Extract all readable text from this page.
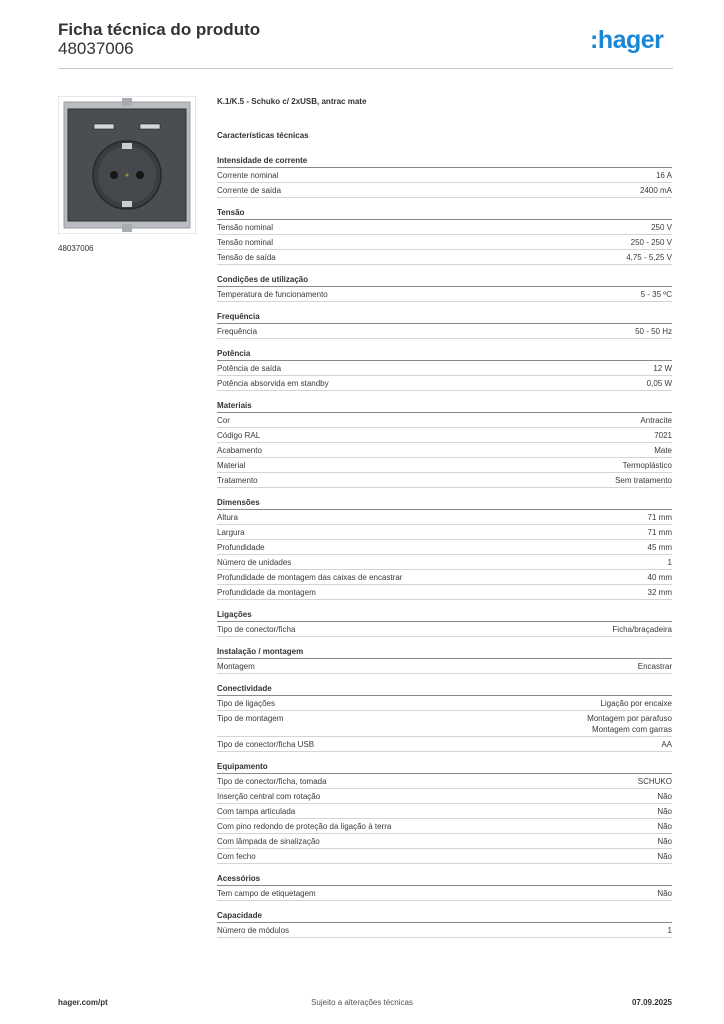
Ficha técnica do produto
48037006	:hager
48037006
K.1/K.5 - Schuko c/ 2xUSB, antrac mate
Características técnicas
Intensidade de corrente
Corrente nominal	16 A
Corrente de saída	2400 mA
Tensão
Tensão nominal	250 V
Tensão nominal	250 - 250 V
Tensão de saída	4,75 - 5,25 V
Condições de utilização
Temperatura de funcionamento	5 - 35 ºC
Frequência
Frequência	50 - 50 Hz
Potência
Potência de saída	12 W
Potência absorvida em standby	0,05 W
Materiais
Cor	Antracite
Código RAL	7021
Acabamento	Mate
Material	Termoplástico
Tratamento	Sem tratamento
Dimensões
Altura	71 mm
Largura	71 mm
Profundidade	45 mm
Número de unidades	1
Profundidade de montagem das caixas de encastrar	40 mm
Profundidade da montagem	32 mm
Ligações
Tipo de conector/ficha	Ficha/braçadeira
Instalação / montagem
Montagem	Encastrar
Conectividade
Tipo de ligações	Ligação por encaixe
Tipo de montagem	Montagem por parafuso
Montagem com garras
Tipo de conector/ficha USB	AA
Equipamento
Tipo de conector/ficha, tomada	SCHUKO
Inserção central com rotação	Não
Com tampa articulada	Não
Com pino redondo de proteção da ligação à terra	Não
Com lâmpada de sinalização	Não
Com fecho	Não
Acessórios
Tem campo de etiquetagem	Não
Capacidade
Número de módulos	1
hager.com/pt	Sujeito a alterações técnicas	07.09.2025
